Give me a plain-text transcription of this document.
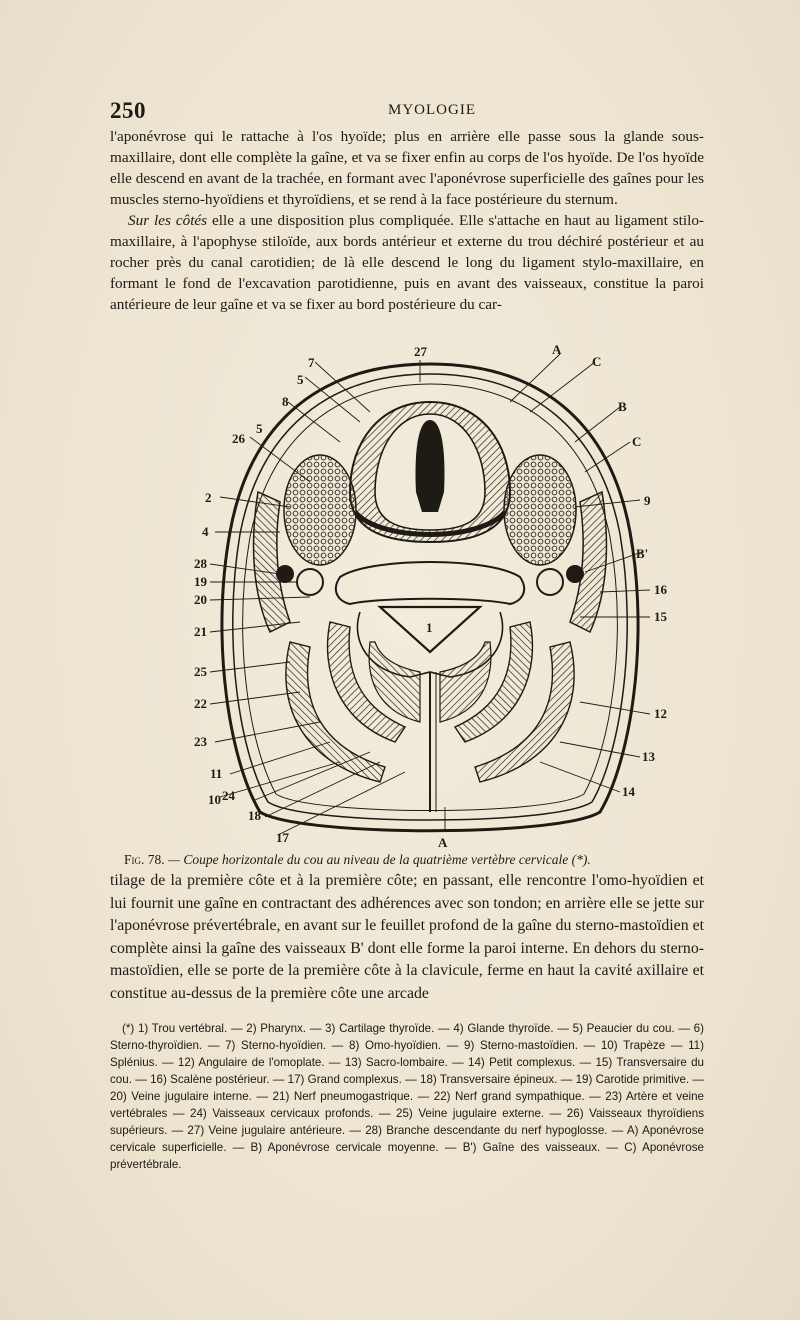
250	MYOLOGIE

l'aponévrose qui le rattache à l'os hyoïde; plus en arrière elle passe sous la glande sous-maxillaire, dont elle complète la gaîne, et va se fixer enfin au corps de l'os hyoïde. De l'os hyoïde elle descend en avant de la trachée, en formant avec l'aponévrose superficielle des gaînes pour les muscles sterno-hyoïdiens et thyroïdiens, et se rend à la face postérieure du sternum.

Sur les côtés elle a une disposition plus compliquée. Elle s'attache en haut au ligament stilo-maxillaire, à l'apophyse stiloïde, aux bords antérieur et externe du trou déchiré postérieur et au rocher près du canal carotidien; de là elle descend le long du ligament stylo-maxillaire, en formant le fond de l'excavation parotidienne, puis en avant des vaisseaux, constitue la paroi antérieure de leur gaîne et va se fixer au bord postérieure du car-

27	A
C
7
5
8	B
26
5
C
2	9
4
B'
28
19
16
20
15
21	1
25
22
12
23
13
11
10 24	14
18
17	A
Fig. 78. — Coupe horizontale du cou au niveau de la quatrième vertèbre cervicale (*).

tilage de la première côte et à la première côte; en passant, elle rencontre l'omo-hyoïdien et lui fournit une gaîne en contractant des adhérences avec son tondon; en arrière elle se jette sur l'aponévrose prévertébrale, en avant sur le feuillet profond de la gaîne du sterno-mastoïdien et complète ainsi la gaîne des vaisseaux B' dont elle forme la paroi interne. En dehors du sterno-mastoïdien, elle se porte de la première côte à la clavicule, ferme en haut la cavité axillaire et constitue au-dessus de la première côte une arcade

(*) 1) Trou vertébral. — 2) Pharynx. — 3) Cartilage thyroïde. — 4) Glande thyroïde. — 5) Peaucier du cou. — 6) Sterno-thyroïdien. — 7) Sterno-hyoïdien. — 8) Omo-hyoïdien. — 9) Sterno-mastoïdien. — 10) Trapèze — 11) Splénius. — 12) Angulaire de l'omoplate. — 13) Sacro-lombaire. — 14) Petit complexus. — 15) Transversaire du cou. — 16) Scalène postérieur. — 17) Grand complexus. — 18) Transversaire épineux. — 19) Carotide primitive. — 20) Veine jugulaire interne. — 21) Nerf pneumogastrique. — 22) Nerf grand sympathique. — 23) Artère et veine vertébrales — 24) Vaisseaux cervicaux profonds. — 25) Veine jugulaire externe. — 26) Vaisseaux thyroïdiens supérieurs. — 27) Veine jugulaire antérieure. — 28) Branche descendante du nerf hypoglosse. — A) Aponévrose cervicale superficielle. — B) Aponévrose cervicale moyenne. — B') Gaîne des vaisseaux. — C) Aponévrose prévertébrale.
